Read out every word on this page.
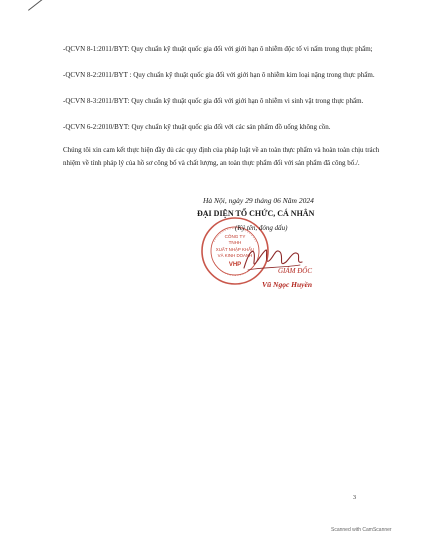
-QCVN 8-1:2011/BYT: Quy chuẩn kỹ thuật quốc gia đối với giới hạn ô nhiễm độc tố vi nấm trong thực phẩm;
-QCVN 8-2:2011/BYT : Quy chuẩn kỹ thuật quốc gia đối với giới hạn ô nhiễm kim loại nặng trong thực phẩm.
-QCVN 8-3:2011/BYT: Quy chuẩn kỹ thuật quốc gia đối với giới hạn ô nhiễm vi sinh vật trong thực phẩm.
-QCVN 6-2:2010/BYT: Quy chuẩn kỹ thuật quốc gia đối với các sản phẩm đồ uống không cồn.
Chúng tôi xin cam kết thực hiện đầy đủ các quy định của pháp luật về an toàn thực phẩm và hoàn toàn chịu trách nhiệm về tính pháp lý của hồ sơ công bố và chất lượng, an toàn thực phẩm đối với sản phẩm đã công bố./.
Hà Nội, ngày 29 tháng 06 Năm 2024
ĐẠI DIỆN TỔ CHỨC, CÁ NHÂN
CÔNG TY
TNHH
XUẤT NHẬP KHẨU
VÀ KINH DOANH
VHP
(Ký tên, đóng dấu)
GIÁM ĐỐC
Vũ Ngọc Huyền
3
Scanned with CamScanner
